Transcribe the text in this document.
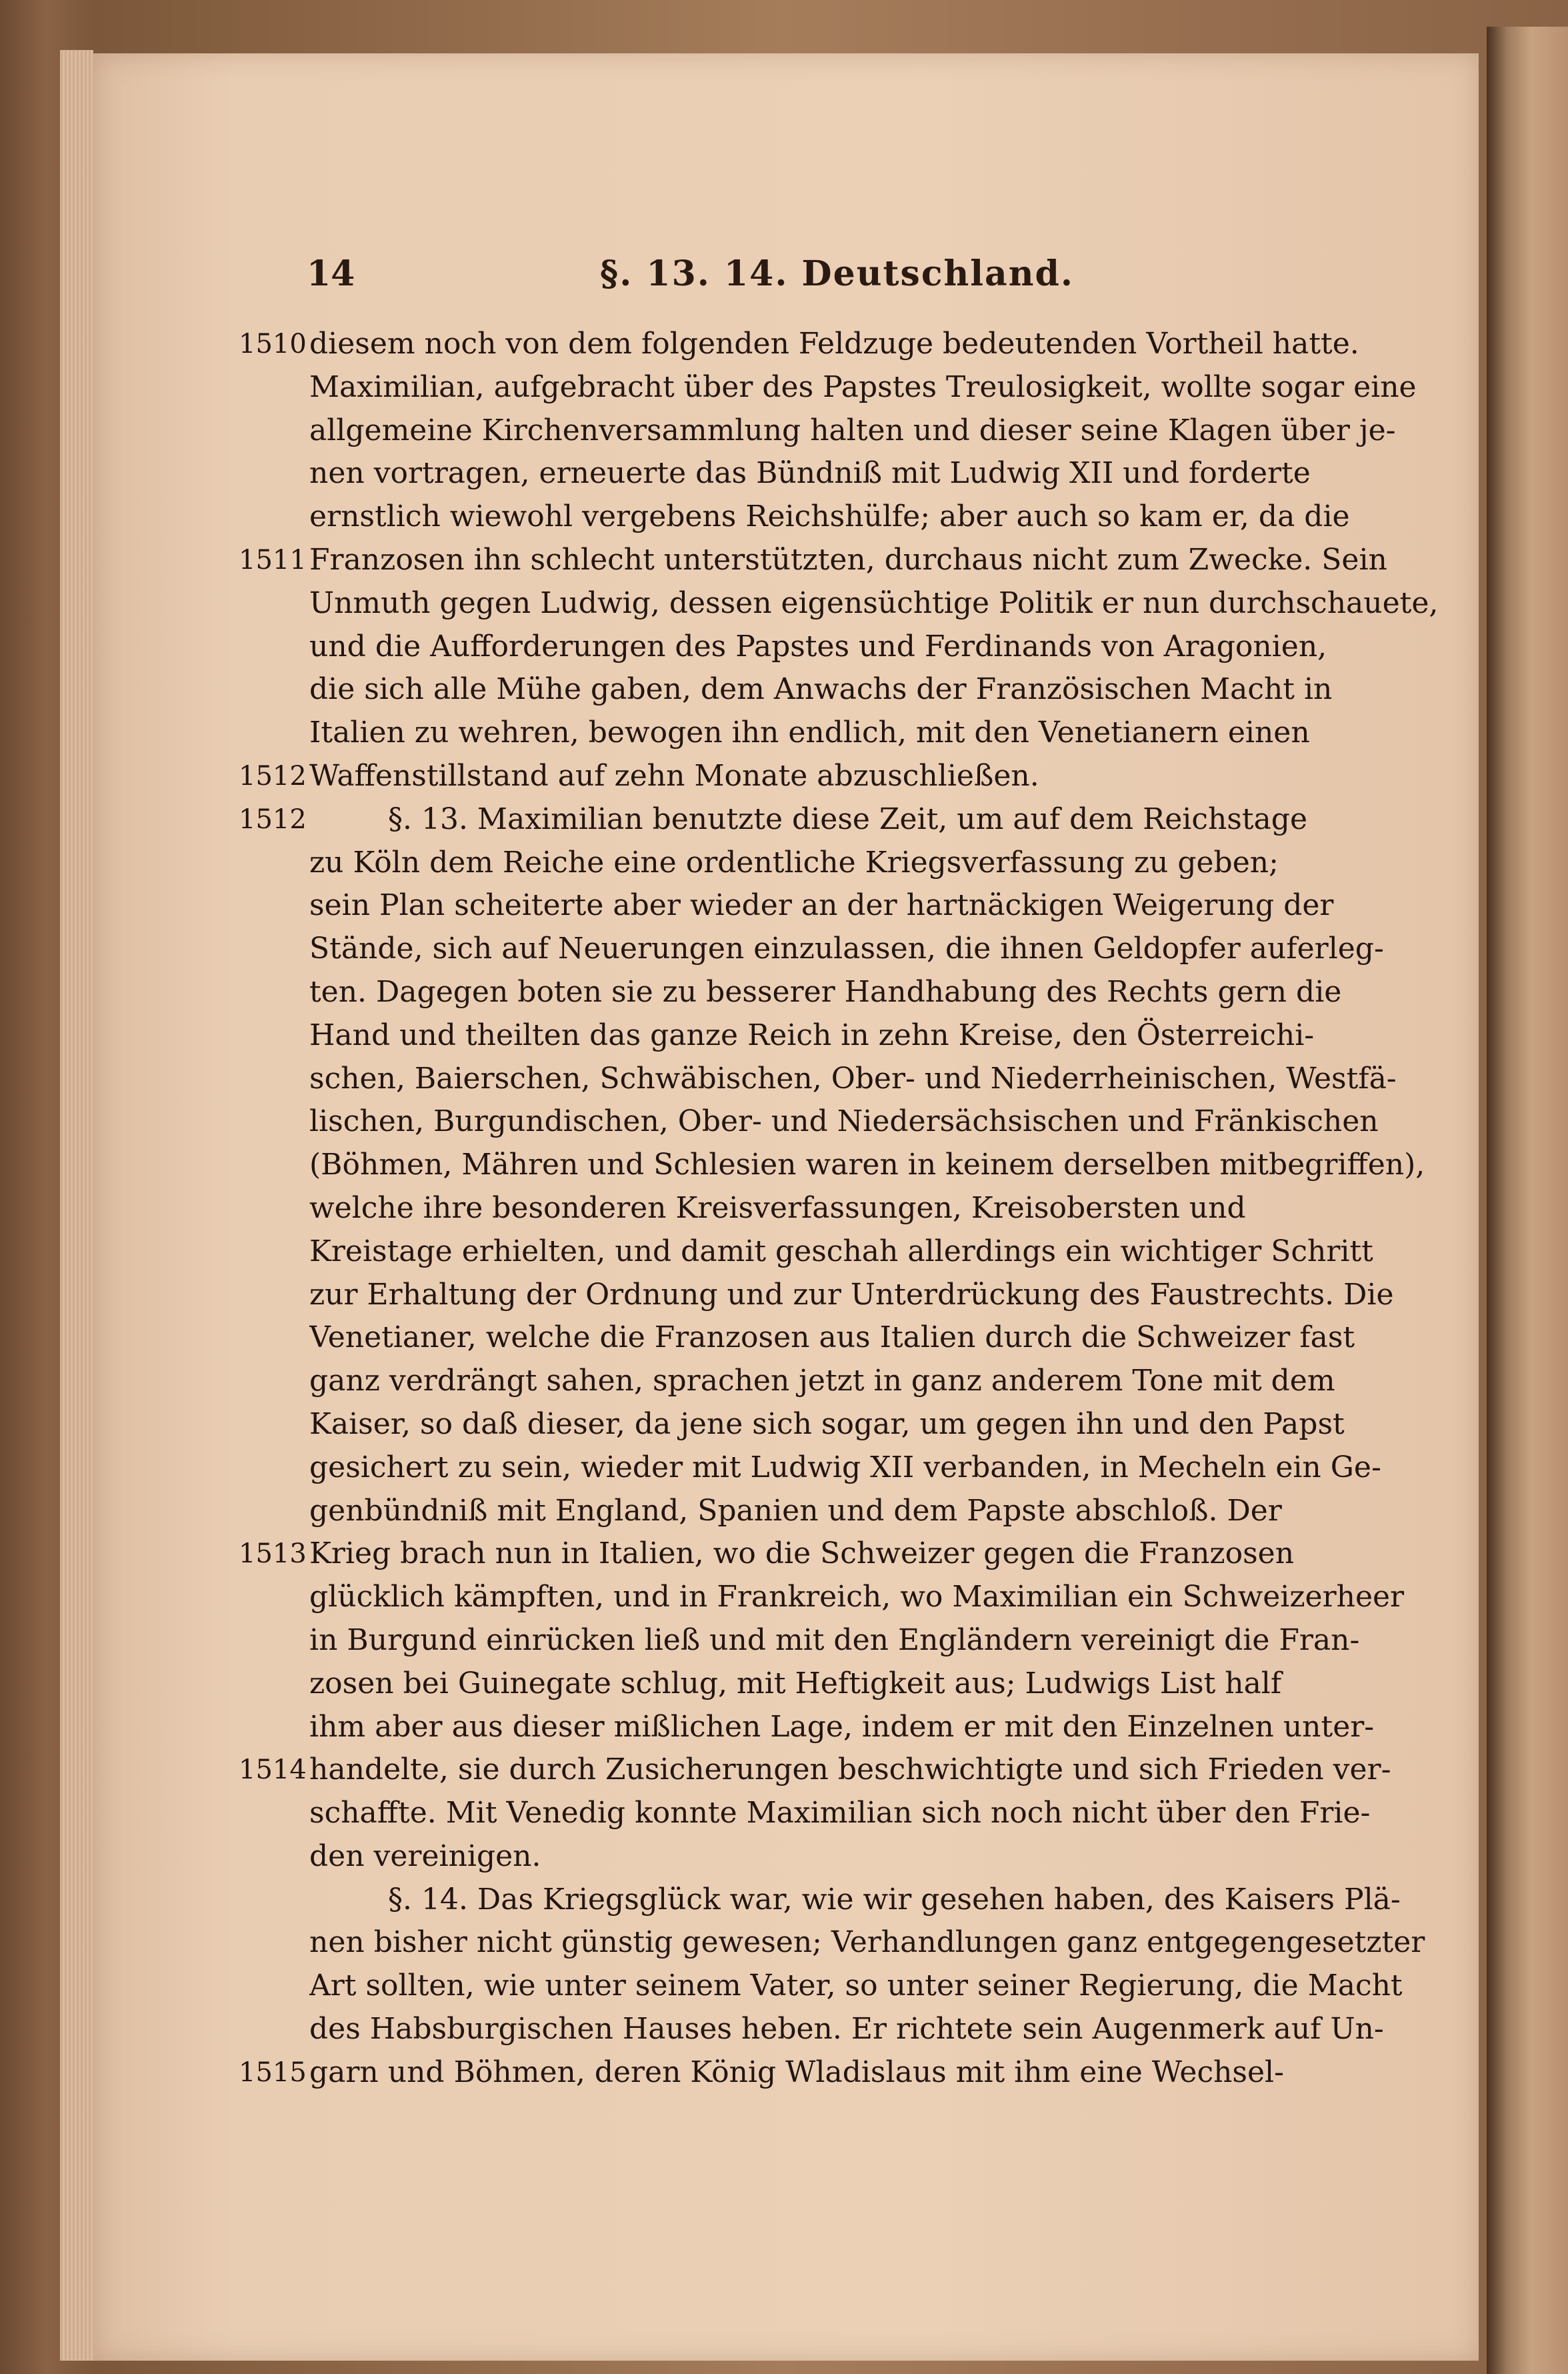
14	§. 13. 14. Deutschland.
1510 diesem noch von dem folgenden Feldzuge bedeutenden Vortheil hatte.
Maximilian, aufgebracht über des Papstes Treulosigkeit, wollte sogar eine
allgemeine Kirchenversammlung halten und dieser seine Klagen über je-
nen vortragen, erneuerte das Bündniß mit Ludwig XII und forderte
ernstlich wiewohl vergebens Reichshülfe; aber auch so kam er, da die
1511 Franzosen ihn schlecht unterstützten, durchaus nicht zum Zwecke. Sein
Unmuth gegen Ludwig, dessen eigensüchtige Politik er nun durchschauete,
und die Aufforderungen des Papstes und Ferdinands von Aragonien,
die sich alle Mühe gaben, dem Anwachs der Französischen Macht in
Italien zu wehren, bewogen ihn endlich, mit den Venetianern einen
1512 Waffenstillstand auf zehn Monate abzuschließen.
1512	§. 13. Maximilian benutzte diese Zeit, um auf dem Reichstage
zu Köln dem Reiche eine ordentliche Kriegsverfassung zu geben;
sein Plan scheiterte aber wieder an der hartnäckigen Weigerung der
Stände, sich auf Neuerungen einzulassen, die ihnen Geldopfer auferleg-
ten. Dagegen boten sie zu besserer Handhabung des Rechts gern die
Hand und theilten das ganze Reich in zehn Kreise, den Österreichi-
schen, Baierschen, Schwäbischen, Ober- und Niederrheinischen, Westfä-
lischen, Burgundischen, Ober- und Niedersächsischen und Fränkischen
(Böhmen, Mähren und Schlesien waren in keinem derselben mitbegriffen),
welche ihre besonderen Kreisverfassungen, Kreisobersten und
Kreistage erhielten, und damit geschah allerdings ein wichtiger Schritt
zur Erhaltung der Ordnung und zur Unterdrückung des Faustrechts. Die
Venetianer, welche die Franzosen aus Italien durch die Schweizer fast
ganz verdrängt sahen, sprachen jetzt in ganz anderem Tone mit dem
Kaiser, so daß dieser, da jene sich sogar, um gegen ihn und den Papst
gesichert zu sein, wieder mit Ludwig XII verbanden, in Mecheln ein Ge-
genbündniß mit England, Spanien und dem Papste abschloß. Der
1513 Krieg brach nun in Italien, wo die Schweizer gegen die Franzosen
glücklich kämpften, und in Frankreich, wo Maximilian ein Schweizerheer
in Burgund einrücken ließ und mit den Engländern vereinigt die Fran-
zosen bei Guinegate schlug, mit Heftigkeit aus; Ludwigs List half
ihm aber aus dieser mißlichen Lage, indem er mit den Einzelnen unter-
1514 handelte, sie durch Zusicherungen beschwichtigte und sich Frieden ver-
schaffte. Mit Venedig konnte Maximilian sich noch nicht über den Frie-
den vereinigen.
§. 14. Das Kriegsglück war, wie wir gesehen haben, des Kaisers Plä-
nen bisher nicht günstig gewesen; Verhandlungen ganz entgegengesetzter
Art sollten, wie unter seinem Vater, so unter seiner Regierung, die Macht
des Habsburgischen Hauses heben. Er richtete sein Augenmerk auf Un-
1515 garn und Böhmen, deren König Wladislaus mit ihm eine Wechsel-
